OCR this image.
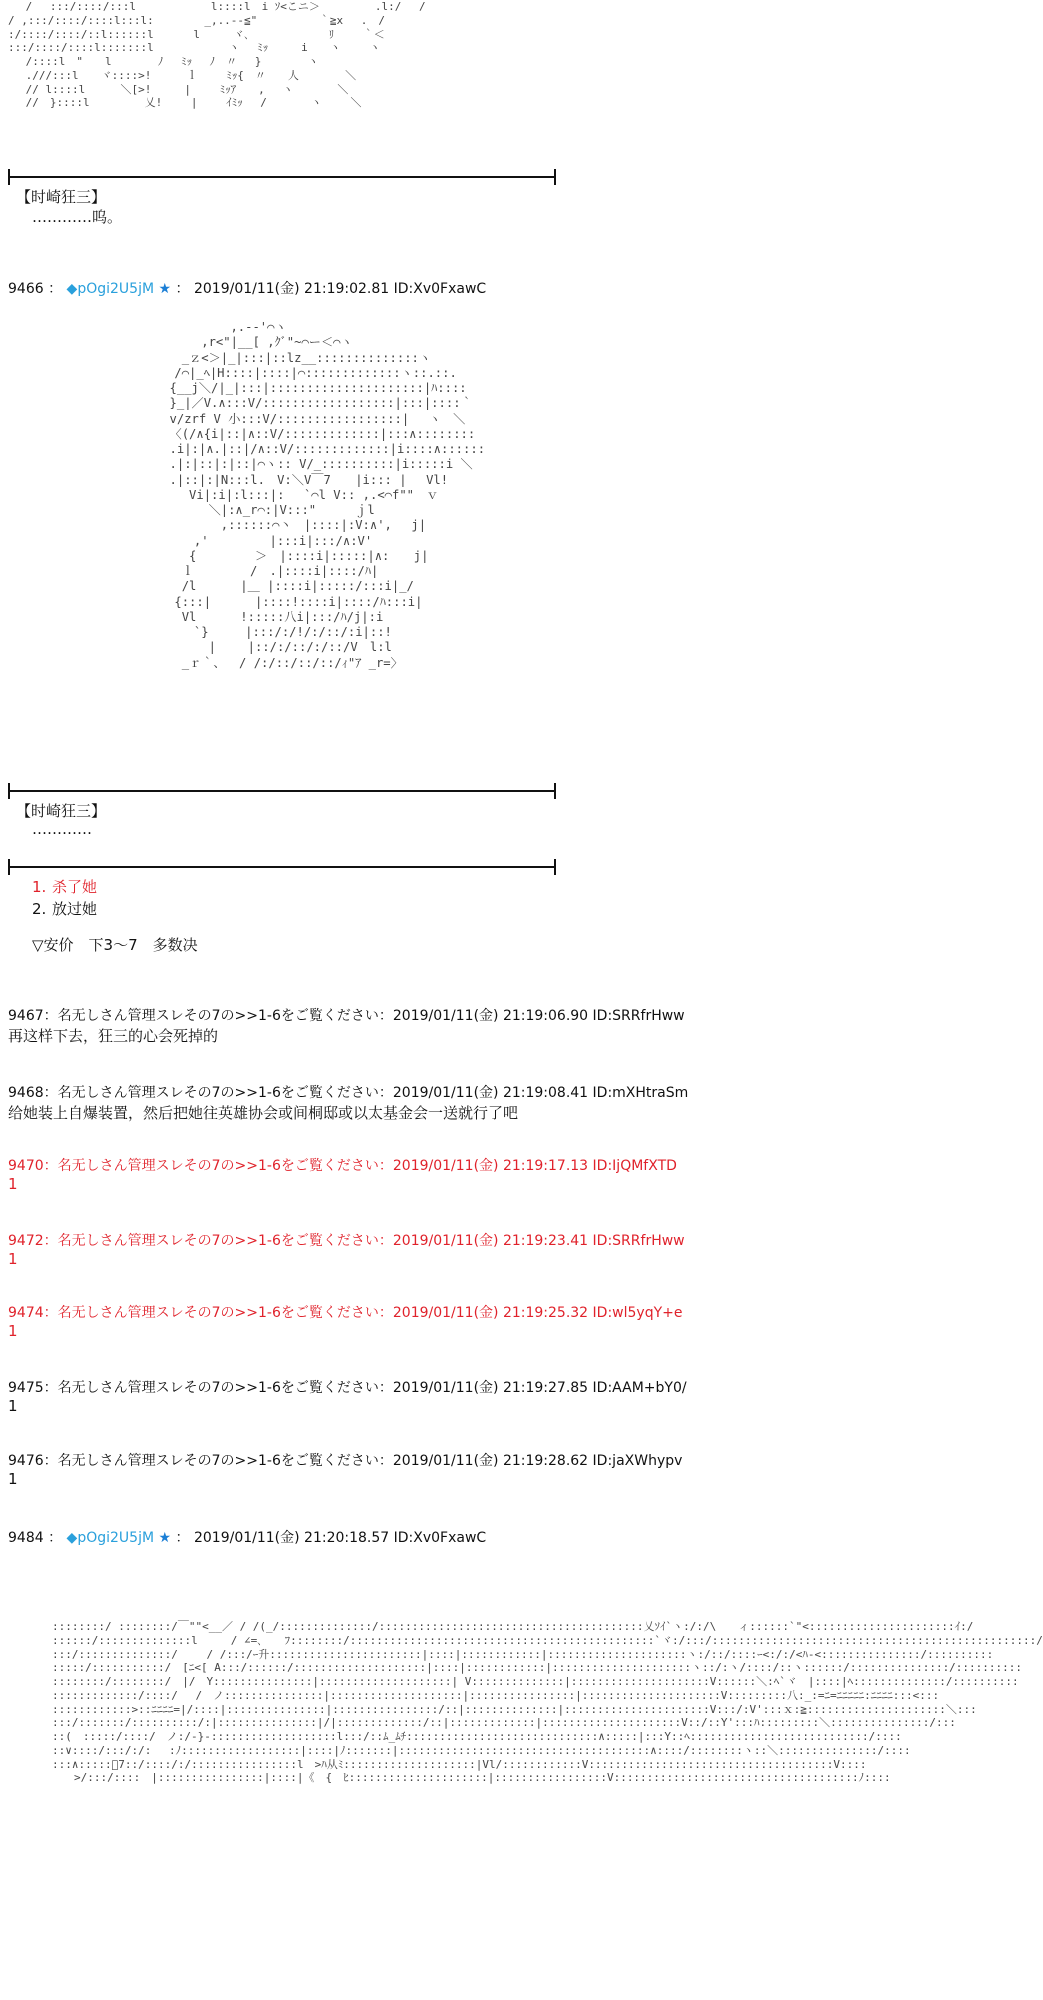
　 /　 :::/::::/:::l　　　 　 　 l::::l　i ｿ<こニ＞　　　　　.l:/　 /
/ ,:::/::::/::::l:::l:　　　　 _,..-‐≦"　　　　　 ｀≧x　 .　/
:/::::/::::/::l::::::l　　　 l　　　ヾ､　　 　　　　 ﾘ　　 ｀＜
:::/::::/::::l:::::::l　　　 　 　 ヽ　 ﾐｯ　　　i　　ヽ　　 ヽ
　 /::::l　"　　l　　 　 ﾉ　 ﾐｯ　 ﾉ　〃　 }　　 　 ヽ
　 .///:::l　　ヾ::::>!　 　 ｌ　　 ﾐｯ{　〃　　人　　 　 ＼
　 // l::::l　 　 ＼[>!　　　|　　 ﾐｯｱ　　,　 ヽ　　　　＼
　 //　}::::l　　　　　乂!　　 |　　 ｲﾐｯ　 /　　　　ヽ　　 ＼
【时崎狂三】
…………呜。
9466 ： ◆pOgi2U5jM ★ ： 2019/01/11(金) 21:19:02.81 ID:Xv0FxawC
　　　　　　 ,.-‐'⌒ヽ
　　 　 ,r<"|__[ ,ｸﾞ"~⌒ー＜⌒ヽ
　　 _ｚ<＞|_|:::|::lz__::::::::::::::ヽ
　　/⌒|_ﾍ|H::::|::::|⌒:::::::::::::ヽ::.::.
　 {__j＼/|_|:::|:::::::::::::::::::::|ﾊ::::
　 }_|／V.∧:::V/::::::::::::::::::|:::|::::｀
　 v/zrf V 小:::V/:::::::::::::::::|　 ヽ　＼
　 〈(/∧{i|::|∧::V/:::::::::::::|:::∧::::::::
　 .i|:|∧.|::|/∧::V/:::::::::::::|i::::∧::::::
　 .|:|::|:|::|⌒ヽ:: V/_::::::::::|i:::::i ＼
　 .|::|:|N:::l.　V:＼V￣7　　|i::: |　 Vl!
　 　 Vi|:i|:l:::|:　 `⌒l V:: ,.<⌒f""　ｖ
　 　 　 ＼|:∧_r⌒:|V:::"　 　 ｊl
　　 　 　 ,::::::⌒丶　|::::|:V:∧',　 j|
　　　 ,'　　　　　|:::i|:::/∧:V'
　 　 {　 　 　 ＞　|::::i|:::::|∧:　　j|
　　 ｌ　　　　 /　.|::::i|::::/ﾊ|
　　 /l　　　 |＿ |::::i|:::::/:::i|_/
　　{:::|　　　 |::::!::::i|::::/ﾊ:::i|
　　 Vl　　　 !:::::八i|:::/ﾊ/j|:i
　　　 `}　　　|:::/:/!/:/::/:i|::!
　 　 　 |　　 |::/:/::/:/::/V　l:l
　　 _ｒ｀、　 / /:/::/::/::/ｨ"ｱ _r=〉
【时崎狂三】
…………
1. 杀了她
2. 放过她
▽安价　下3～7　多数决
9467：名无しさん管理スレその7の>>1-6をご覧ください：2019/01/11(金) 21:19:06.90 ID:SRRfrHww
再这样下去，狂三的心会死掉的
9468：名无しさん管理スレその7の>>1-6をご覧ください：2019/01/11(金) 21:19:08.41 ID:mXHtraSm
给她装上自爆装置，然后把她往英雄协会或间桐邸或以太基金会一送就行了吧
9470：名无しさん管理スレその7の>>1-6をご覧ください：2019/01/11(金) 21:19:17.13 ID:IjQMfXTD
1
9472：名无しさん管理スレその7の>>1-6をご覧ください：2019/01/11(金) 21:19:23.41 ID:SRRfrHww
1
9474：名无しさん管理スレその7の>>1-6をご覧ください：2019/01/11(金) 21:19:25.32 ID:wl5yqY+e
1
9475：名无しさん管理スレその7の>>1-6をご覧ください：2019/01/11(金) 21:19:27.85 ID:AAM+bY0/
1
9476：名无しさん管理スレその7の>>1-6をご覧ください：2019/01/11(金) 21:19:28.62 ID:jaXWhypv
1
9484 ： ◆pOgi2U5jM ★ ： 2019/01/11(金) 21:20:18.57 ID:Xv0FxawC
::::::::/ ::::::::/￣""<__／ / /(_/::::::::::::::/::::::::::::::::::::::::::::::::::::::::乂ｿｲ`ヽ:/:/\　　ィ::::::`"<::::::::::::::::::::::ｲ:/
::::::/::::::::::::::l　　　/ ∠=､　　ﾌ::::::::/::::::::::::::::::::::::::::::::::::::::::::::`ヾ:/:::/:::::::::::::::::::::::::::::::::::::::::::::::::/
:::/::::::::::::::/　 　/ /:::/ｰ升:::::::::::::::::::::::|::::|::::::::::::|:::::::::::::::::::::ヽ:/::/::::ｰ<:/:/<ﾊ-<:::::::::::::::/::::::::::
:::::/:::::::::::/　[ﾆ<[ A:::/::::::/::::::::::::::::::::|::::|::::::::::::|:::::::::::::::::::::ヽ::/:ヽ/::::/::ヽ::::::/:::::::::::::::/::::::::::
::::::::/::::::::/　|/　Y:::::::::::::::|::::::::::::::::::::| V::::::::::::::|:::::::::::::::::::::V::::::＼:ﾍ`ヾ　|::::|ﾍ::::::::::::::/::::::::::
:::::::::::::/::::/　 /　ノ:::::::::::::::|::::::::::::::::::::|::::::::::::::::|:::::::::::::::::::::V:::::::::八:_:=ﾆ=ﾆﾆﾆﾆﾆ:ﾆﾆﾆﾆ:::<:::
::::::::::::>::ﾆﾆﾆﾆ=|/::::|:::::::::::::::|::::::::::::::::/::|::::::::::::::|::::::::::::::::::::::V:::/:V':::ｘ:≧:::::::::::::::::::::＼:::
:::/:::::::/::::::::::/:|:::::::::::::::|/|:::::::::::::/::|:::::::::::::|:::::::::::::::::::::V::/::Y':::ﾊ:::::::::＼:::::::::::::::/:::
::(　:::::/::::/　ノ:/‐}-:::::::::::::::::::l:::/::ﾑ_ﾑﾁ:::::::::::::::::::::::::::::∧:::::|:::Y::ﾍ:::::::::::::::::::::::::::/::::
::∨::::/:::/:/:　 :ﾉ::::::::::::::::::|::::|ﾉ:::::::|::::::::::::::::::::::::::::::::::::::∧::::/::::::::ヽ::＼:::::::::::::::/::::
:::∧:::::ﾞ7::/::::/:/::::::::::::::::l　>ﾊ从ﾐ::::::::::::::::::::|Vl/::::::::::::V:::::::::::::::::::::::::::::::::::::V::::
　　>/:::/::::　|::::::::::::::::|::::|《　{　ﾋ:::::::::::::::::::::|:::::::::::::::::V:::::::::::::::::::::::::::::::::::::ﾉ::::
